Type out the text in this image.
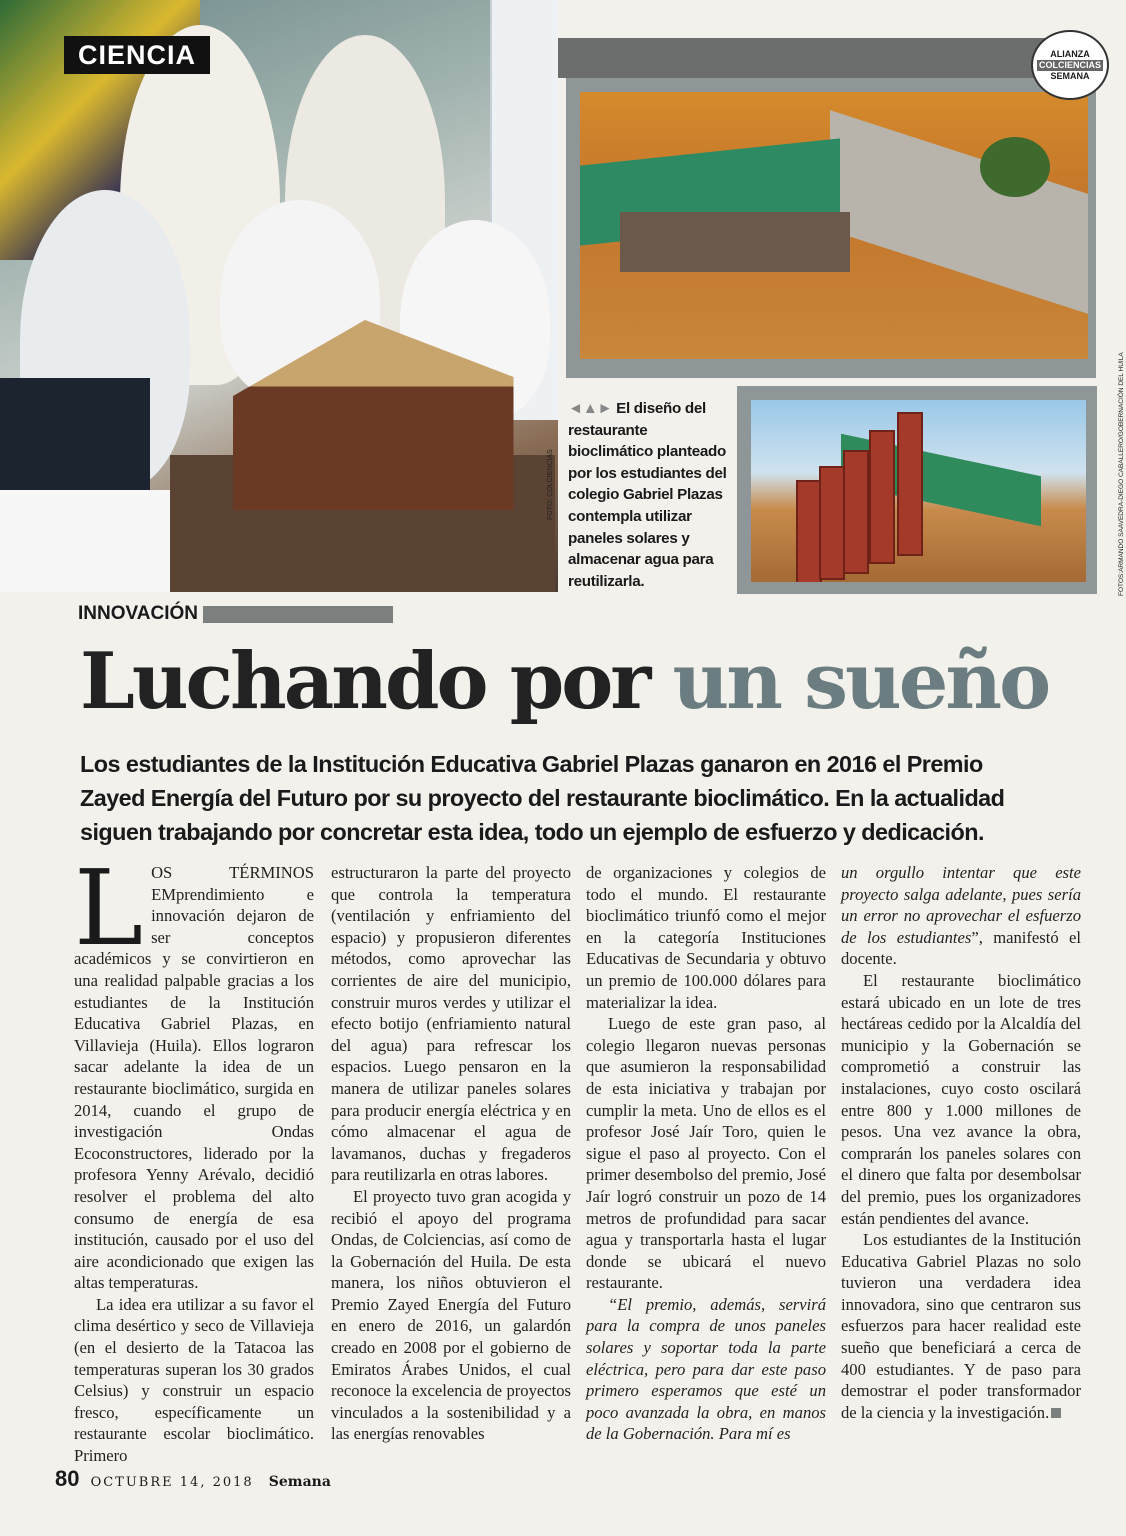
CIENCIA
FOTO: COLCIENCIAS
ALIANZA
COLCIENCIAS
SEMANA
FOTOS:ARMANDO SAAVEDRA-DIEGO CABALLERO/GOBERNACIÓN DEL HUILA
◄▲► El diseño del restaurante bioclimático planteado por los estudiantes del colegio Gabriel Plazas contempla utilizar paneles solares y almacenar agua para reutilizarla.
INNOVACIÓN
Luchando por un sueño
Los estudiantes de la Institución Educativa Gabriel Plazas ganaron en 2016 el Premio Zayed Energía del Futuro por su proyecto del restaurante bioclimático. En la actualidad siguen trabajando por concretar esta idea, todo un ejemplo de esfuerzo y dedicación.

LOS TÉRMINOS EMprendimiento e innovación dejaron de ser conceptos académicos y se convirtieron en una realidad palpable gracias a los estudiantes de la Institución Educativa Gabriel Plazas, en Villavieja (Huila). Ellos lograron sacar adelante la idea de un restaurante bioclimático, surgida en 2014, cuando el grupo de investigación Ondas Ecoconstructores, liderado por la profesora Yenny Arévalo, decidió resolver el problema del alto consumo de energía de esa institución, causado por el uso del aire acondicionado que exigen las altas temperaturas.

La idea era utilizar a su favor el clima desértico y seco de Villavieja (en el desierto de la Tatacoa las temperaturas superan los 30 grados Celsius) y construir un espacio fresco, específicamente un restaurante escolar bioclimático. Primero

estructuraron la parte del proyecto que controla la temperatura (ventilación y enfriamiento del espacio) y propusieron diferentes métodos, como aprovechar las corrientes de aire del municipio, construir muros verdes y utilizar el efecto botijo (enfriamiento natural del agua) para refrescar los espacios. Luego pensaron en la manera de utilizar paneles solares para producir energía eléctrica y en cómo almacenar el agua de lavamanos, duchas y fregaderos para reutilizarla en otras labores.

El proyecto tuvo gran acogida y recibió el apoyo del programa Ondas, de Colciencias, así como de la Gobernación del Huila. De esta manera, los niños obtuvieron el Premio Zayed Energía del Futuro en enero de 2016, un galardón creado en 2008 por el gobierno de Emiratos Árabes Unidos, el cual reconoce la excelencia de proyectos vinculados a la sostenibilidad y a las energías renovables

de organizaciones y colegios de todo el mundo. El restaurante bioclimático triunfó como el mejor en la categoría Instituciones Educativas de Secundaria y obtuvo un premio de 100.000 dólares para materializar la idea.

Luego de este gran paso, al colegio llegaron nuevas personas que asumieron la responsabilidad de esta iniciativa y trabajan por cumplir la meta. Uno de ellos es el profesor José Jaír Toro, quien le sigue el paso al proyecto. Con el primer desembolso del premio, José Jaír logró construir un pozo de 14 metros de profundidad para sacar agua y transportarla hasta el lugar donde se ubicará el nuevo restaurante.

“El premio, además, servirá para la compra de unos paneles solares y soportar toda la parte eléctrica, pero para dar este paso primero esperamos que esté un poco avanzada la obra, en manos de la Gobernación. Para mí es

un orgullo intentar que este proyecto salga adelante, pues sería un error no aprovechar el esfuerzo de los estudiantes”, manifestó el docente.

El restaurante bioclimático estará ubicado en un lote de tres hectáreas cedido por la Alcaldía del municipio y la Gobernación se comprometió a construir las instalaciones, cuyo costo oscilará entre 800 y 1.000 millones de pesos. Una vez avance la obra, comprarán los paneles solares con el dinero que falta por desembolsar del premio, pues los organizadores están pendientes del avance.

Los estudiantes de la Institución Educativa Gabriel Plazas no solo tuvieron una verdadera idea innovadora, sino que centraron sus esfuerzos para hacer realidad este sueño que beneficiará a cerca de 400 estudiantes. Y de paso para demostrar el poder transformador de la ciencia y la investigación.

80 OCTUBRE 14, 2018 Semana
